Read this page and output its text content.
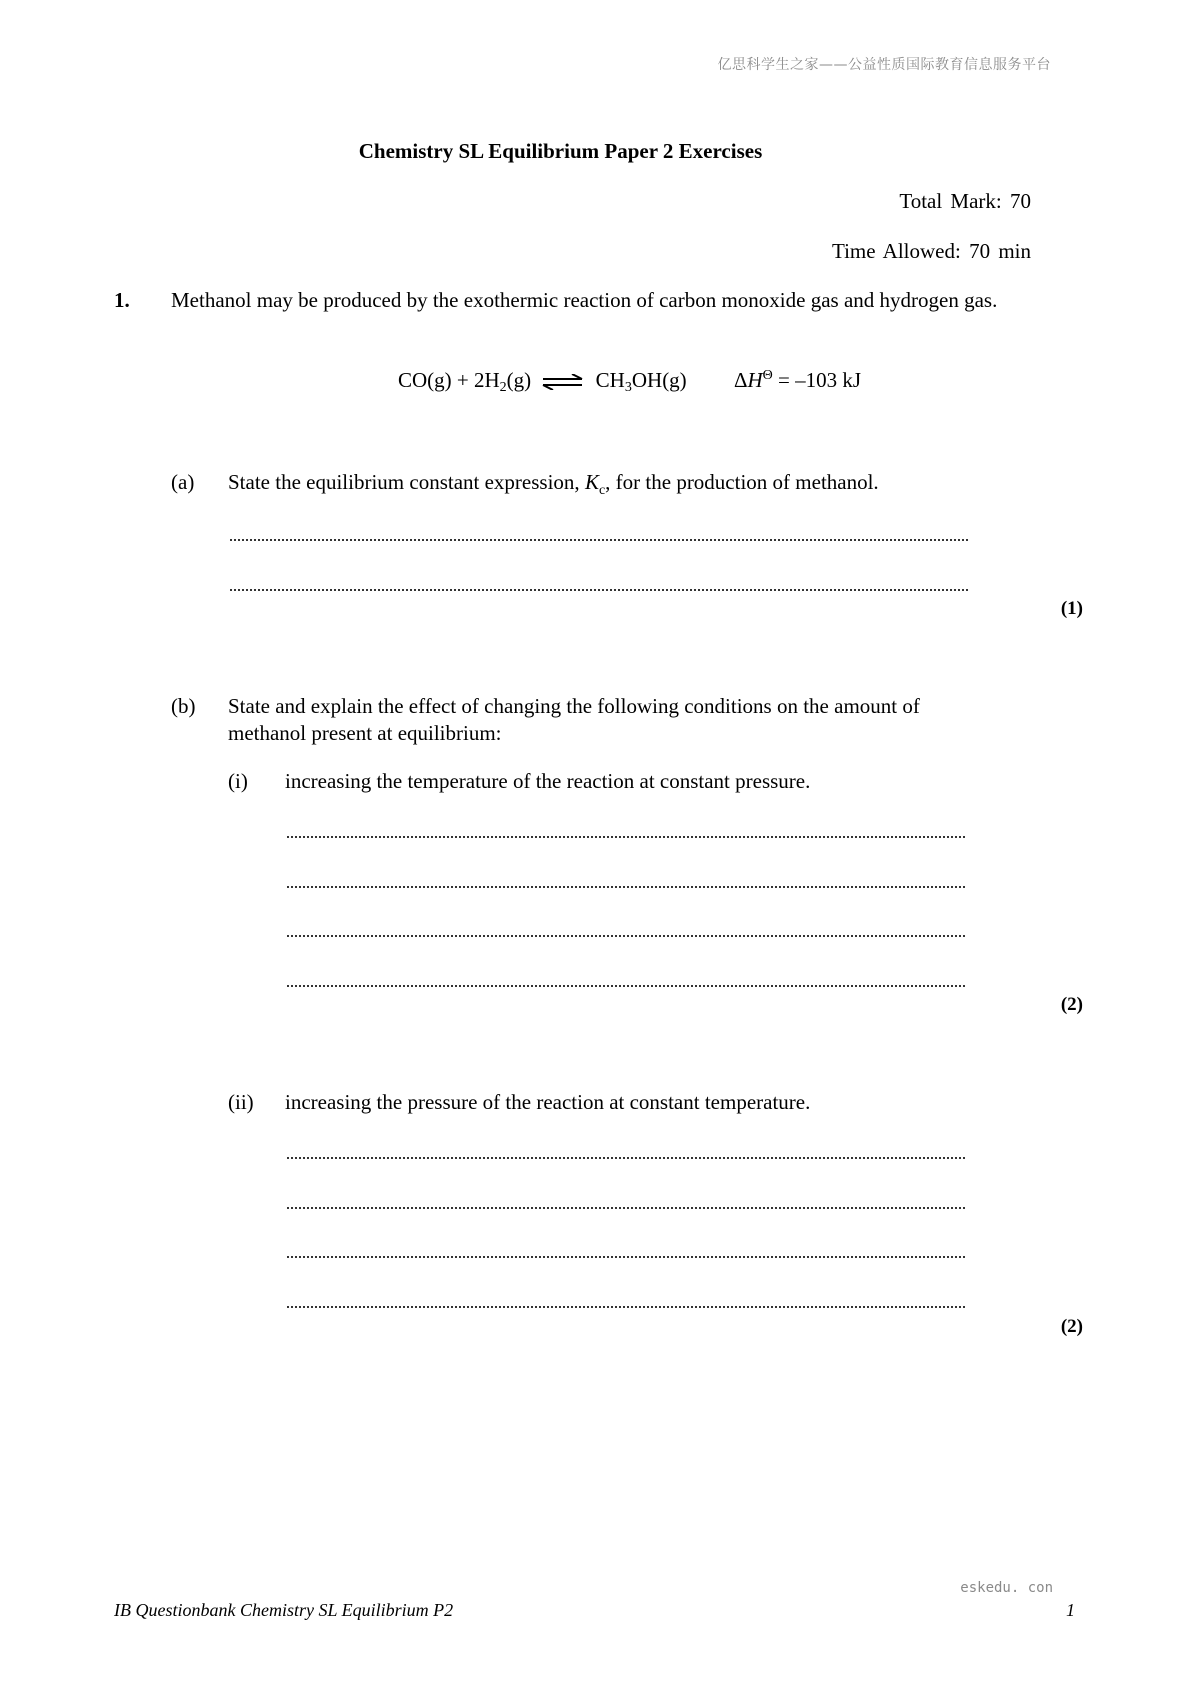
亿思科学生之家——公益性质国际教育信息服务平台
Chemistry SL Equilibrium Paper 2 Exercises
Total Mark: 70
Time Allowed: 70 min
1. Methanol may be produced by the exothermic reaction of carbon monoxide gas and hydrogen gas.
$CO(g) + 2H_2(g)$ ⇌ $CH_3OH(g) \Delta H^\Theta = -103$ kJ
(a) State the equilibrium constant expression, $K_c$, for the production of methanol.
(1)
(b) State and explain the effect of changing the following conditions on the amount of methanol present at equilibrium:
(i) increasing the temperature of the reaction at constant pressure.
(2)
(ii) increasing the pressure of the reaction at constant temperature.
(2)
eskedu. con
IB Questionbank Chemistry SL Equilibrium P2	1
